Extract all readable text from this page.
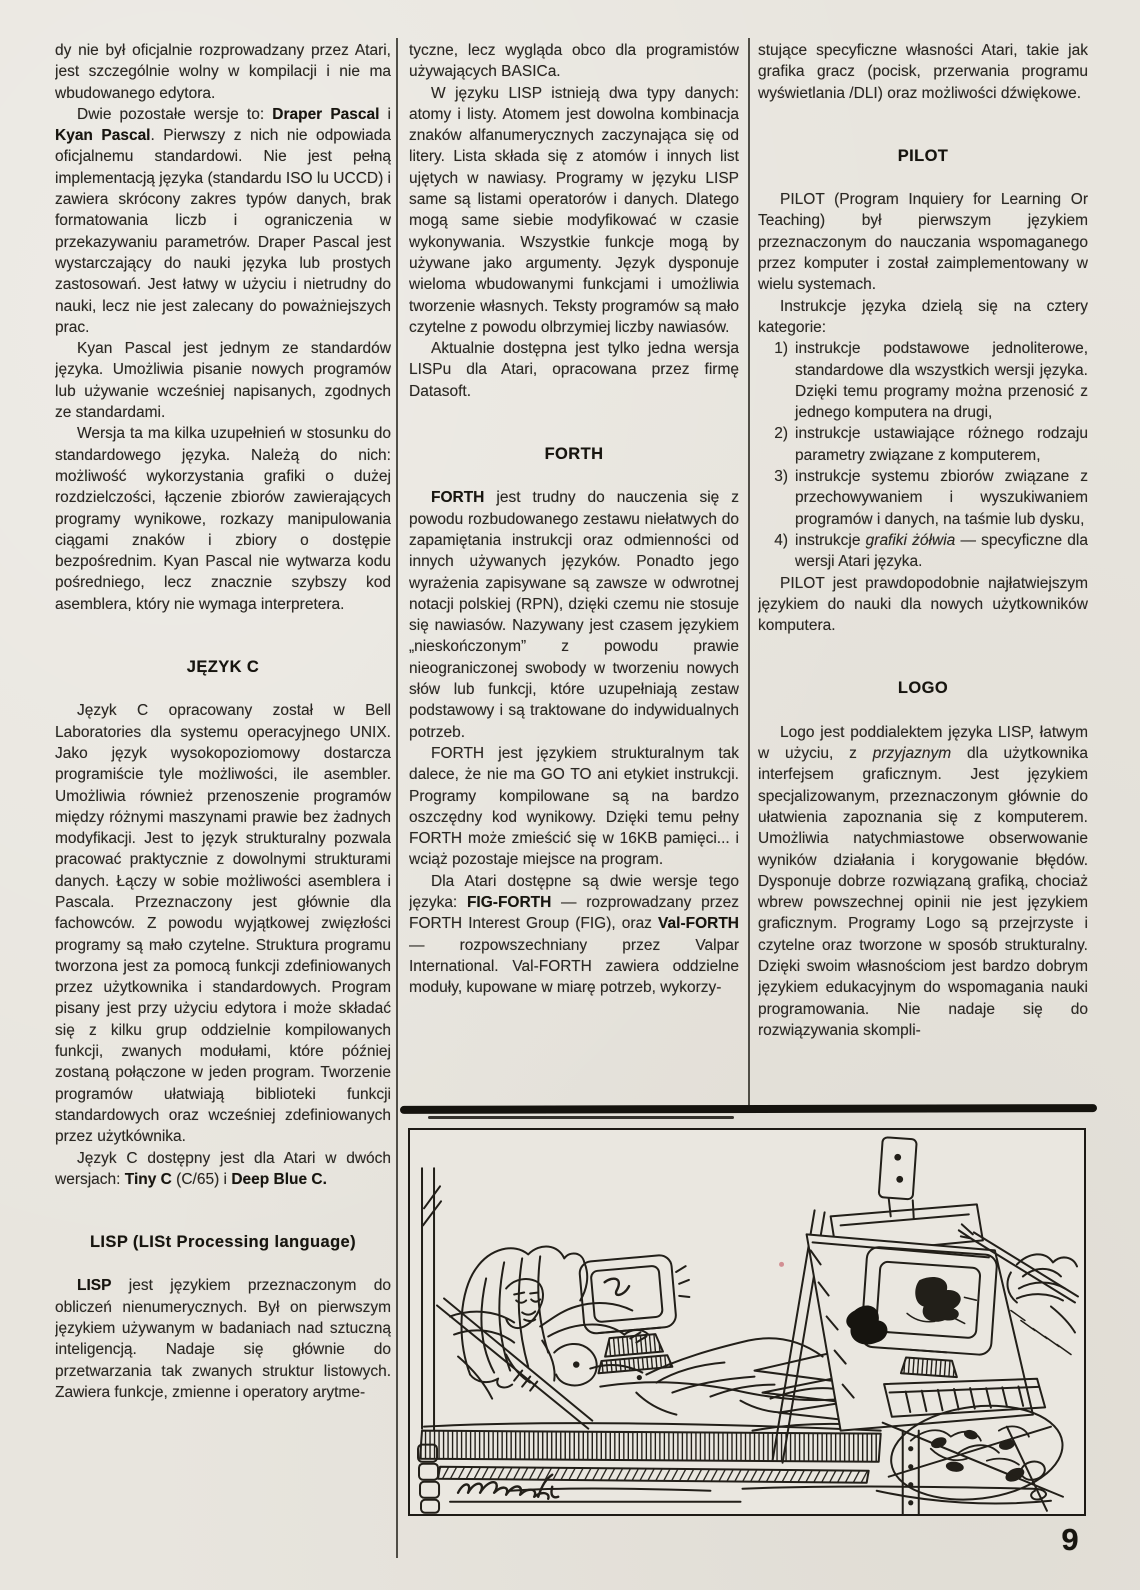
dy nie był oficjalnie rozprowadzany przez Atari, jest szczególnie wolny w kompilacji i nie ma wbudowanego edytora.

Dwie pozostałe wersje to: Draper Pascal i Kyan Pascal. Pierwszy z nich nie odpowiada oficjalnemu standardowi. Nie jest pełną implementacją języka (standardu ISO lu UCCD) i zawiera skrócony zakres typów danych, brak formatowania liczb i ograniczenia w przekazywaniu parametrów. Draper Pascal jest wystarczający do nauki języka lub prostych zastosowań. Jest łatwy w użyciu i nietrudny do nauki, lecz nie jest zalecany do poważniejszych prac.

Kyan Pascal jest jednym ze standardów języka. Umożliwia pisanie nowych programów lub używanie wcześniej napisanych, zgodnych ze standardami.

Wersja ta ma kilka uzupełnień w stosunku do standardowego języka. Należą do nich: możliwość wykorzystania grafiki o dużej rozdzielczości, łączenie zbiorów zawierających programy wynikowe, rozkazy manipulowania ciągami znaków i zbiory o dostępie bezpośrednim. Kyan Pascal nie wytwarza kodu pośredniego, lecz znacznie szybszy kod asemblera, który nie wymaga interpretera.

JĘZYK C

Język C opracowany został w Bell Laboratories dla systemu operacyjnego UNIX. Jako język wysokopoziomowy dostarcza programiście tyle możliwości, ile asembler. Umożliwia również przenoszenie programów między różnymi maszynami prawie bez żadnych modyfikacji. Jest to język strukturalny pozwala pracować praktycznie z dowolnymi strukturami danych. Łączy w sobie możliwości asemblera i Pascala. Przeznaczony jest głównie dla fachowców. Z powodu wyjątkowej zwięzłości programy są mało czytelne. Struktura programu tworzona jest za pomocą funkcji zdefiniowanych przez użytkownika i standardowych. Program pisany jest przy użyciu edytora i może składać się z kilku grup oddzielnie kompilowanych funkcji, zwanych modułami, które później zostaną połączone w jeden program. Tworzenie programów ułatwiają biblioteki funkcji standardowych oraz wcześniej zdefiniowanych przez użytkównika.

Język C dostępny jest dla Atari w dwóch wersjach: Tiny C (C/65) i Deep Blue C.

LISP (LISt Processing language)

LISP jest językiem przeznaczonym do obliczeń nienumerycznych. Był on pierwszym językiem używanym w badaniach nad sztuczną inteligencją. Nadaje się głównie do przetwarzania tak zwanych struktur listowych. Zawiera funkcje, zmienne i operatory arytme-

tyczne, lecz wygląda obco dla programistów używających BASICa.

W języku LISP istnieją dwa typy danych: atomy i listy. Atomem jest dowolna kombinacja znaków alfanumerycznych zaczynająca się od litery. Lista składa się z atomów i innych list ujętych w nawiasy. Programy w języku LISP same są listami operatorów i danych. Dlatego mogą same siebie modyfikować w czasie wykonywania. Wszystkie funkcje mogą by używane jako argumenty. Język dysponuje wieloma wbudowanymi funkcjami i umożliwia tworzenie własnych. Teksty programów są mało czytelne z powodu olbrzymiej liczby nawiasów.

Aktualnie dostępna jest tylko jedna wersja LISPu dla Atari, opracowana przez firmę Datasoft.

FORTH

FORTH jest trudny do nauczenia się z powodu rozbudowanego zestawu niełatwych do zapamiętania instrukcji oraz odmienności od innych używanych języków. Ponadto jego wyrażenia zapisywane są zawsze w odwrotnej notacji polskiej (RPN), dzięki czemu nie stosuje się nawiasów. Nazywany jest czasem językiem „nieskończonym” z powodu prawie nieograniczonej swobody w tworzeniu nowych słów lub funkcji, które uzupełniają zestaw podstawowy i są traktowane do indywidualnych potrzeb.

FORTH jest językiem strukturalnym tak dalece, że nie ma GO TO ani etykiet instrukcji. Programy kompilowane są na bardzo oszczędny kod wynikowy. Dzięki temu pełny FORTH może zmieścić się w 16KB pamięci... i wciąż pozostaje miejsce na program.

Dla Atari dostępne są dwie wersje tego języka: FIG-FORTH — rozprowadzany przez FORTH Interest Group (FIG), oraz Val-FORTH — rozpowszechniany przez Valpar International. Val-FORTH zawiera oddzielne moduły, kupowane w miarę potrzeb, wykorzy-

stujące specyficzne własności Atari, takie jak grafika gracz (pocisk, przerwania programu wyświetlania /DLI) oraz możliwości dźwiękowe.

PILOT

PILOT (Program Inquiery for Learning Or Teaching) był pierwszym językiem przeznaczonym do nauczania wspomaganego przez komputer i został zaimplementowany w wielu systemach.

Instrukcje języka dzielą się na cztery kategorie:

1) instrukcje podstawowe jednoliterowe, standardowe dla wszystkich wersji języka. Dzięki temu programy można przenosić z jednego komputera na drugi,
2) instrukcje ustawiające różnego rodzaju parametry związane z komputerem,
3) instrukcje systemu zbiorów związane z przechowywaniem i wyszukiwaniem programów i danych, na taśmie lub dysku,
4) instrukcje grafiki żółwia — specyficzne dla wersji Atari języka.

PILOT jest prawdopodobnie najłatwiejszym językiem do nauki dla nowych użytkowników komputera.

LOGO

Logo jest poddialektem języka LISP, łatwym w użyciu, z przyjaznym dla użytkownika interfejsem graficznym. Jest językiem specjalizowanym, przeznaczonym głównie do ułatwienia zapoznania się z komputerem. Umożliwia natychmiastowe obserwowanie wyników działania i korygowanie błędów. Dysponuje dobrze rozwiązaną grafiką, chociaż wbrew powszechnej opinii nie jest językiem graficznym. Programy Logo są przejrzyste i czytelne oraz tworzone w sposób strukturalny. Dzięki swoim własnościom jest bardzo dobrym językiem edukacyjnym do wspomagania nauki programowania. Nie nadaje się do rozwiązywania skompli-

9
